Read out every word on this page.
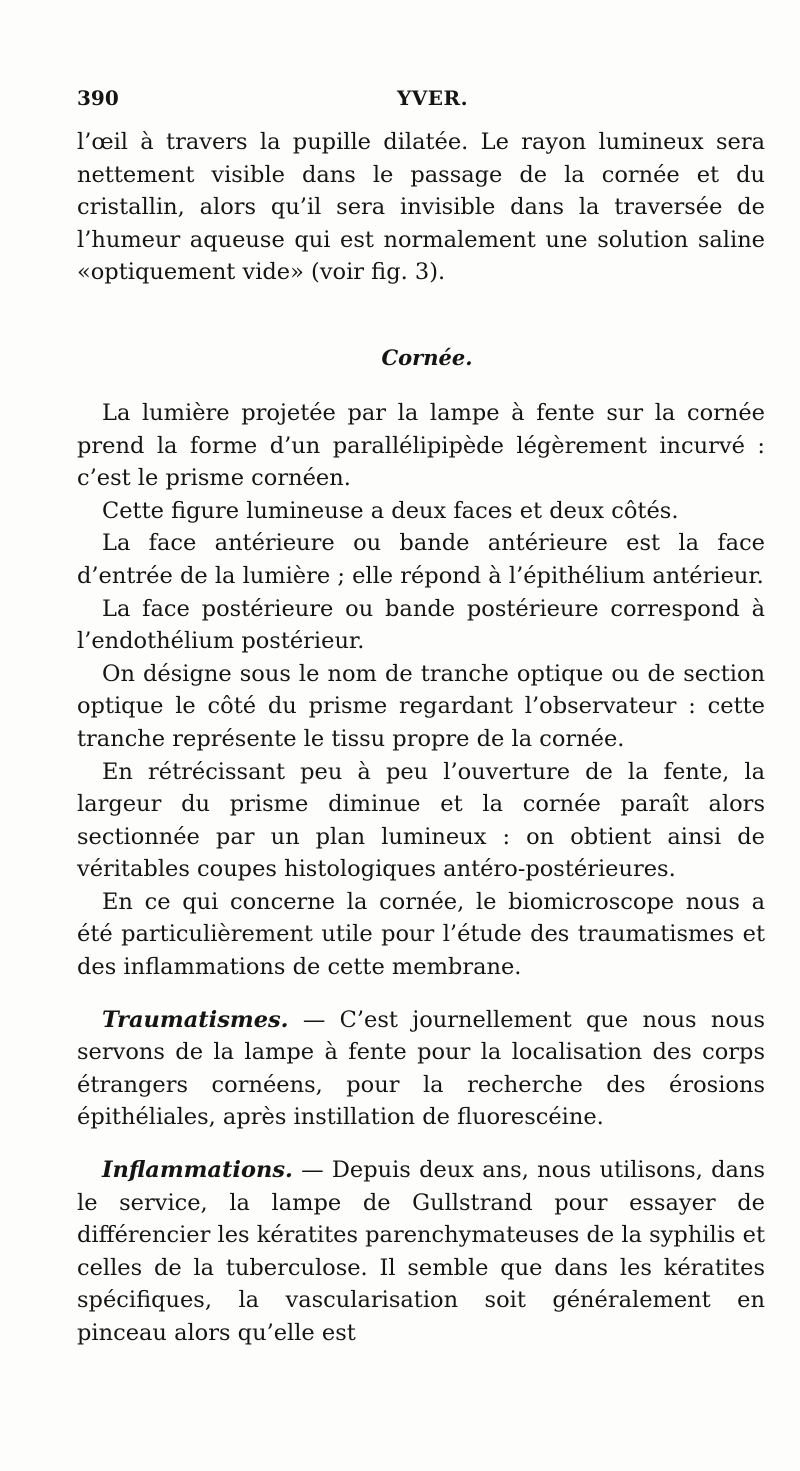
390	YVER.

l’œil à travers la pupille dilatée. Le rayon lumineux sera nettement visible dans le passage de la cornée et du cristallin, alors qu’il sera invisible dans la traversée de l’humeur aqueuse qui est normalement une solution saline «optiquement vide» (voir fig. 3).

Cornée.

La lumière projetée par la lampe à fente sur la cornée prend la forme d’un parallélipipède légèrement incurvé : c’est le prisme cornéen.

Cette figure lumineuse a deux faces et deux côtés.

La face antérieure ou bande antérieure est la face d’entrée de la lumière ; elle répond à l’épithélium antérieur.

La face postérieure ou bande postérieure correspond à l’endothélium postérieur.

On désigne sous le nom de tranche optique ou de section optique le côté du prisme regardant l’observateur : cette tranche représente le tissu propre de la cornée.

En rétrécissant peu à peu l’ouverture de la fente, la largeur du prisme diminue et la cornée paraît alors sectionnée par un plan lumineux : on obtient ainsi de véritables coupes histologiques antéro-postérieures.

En ce qui concerne la cornée, le biomicroscope nous a été particulièrement utile pour l’étude des traumatismes et des inflammations de cette membrane.

Traumatismes. — C’est journellement que nous nous servons de la lampe à fente pour la localisation des corps étrangers cornéens, pour la recherche des érosions épithéliales, après instillation de fluorescéine.

Inflammations. — Depuis deux ans, nous utilisons, dans le service, la lampe de Gullstrand pour essayer de différencier les kératites parenchymateuses de la syphilis et celles de la tuberculose. Il semble que dans les kératites spécifiques, la vascularisation soit généralement en pinceau alors qu’elle est
